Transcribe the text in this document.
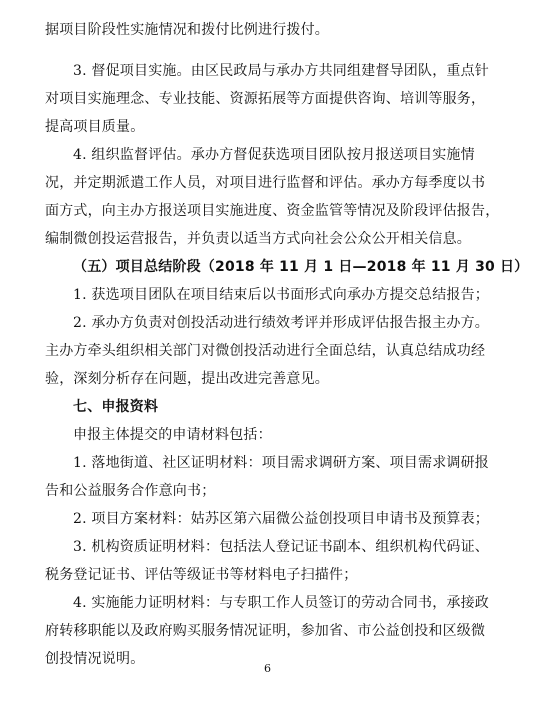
据项目阶段性实施情况和拨付比例进行拨付。
3. 督促项目实施。由区民政局与承办方共同组建督导团队，重点针
对项目实施理念、专业技能、资源拓展等方面提供咨询、培训等服务，
提高项目质量。
4. 组织监督评估。承办方督促获选项目团队按月报送项目实施情
况，并定期派遣工作人员，对项目进行监督和评估。承办方每季度以书
面方式，向主办方报送项目实施进度、资金监管等情况及阶段评估报告，
编制微创投运营报告，并负责以适当方式向社会公众公开相关信息。
（五）项目总结阶段（2018 年 11 月 1 日—2018 年 11 月 30 日）
1. 获选项目团队在项目结束后以书面形式向承办方提交总结报告；
2. 承办方负责对创投活动进行绩效考评并形成评估报告报主办方。
主办方牵头组织相关部门对微创投活动进行全面总结，认真总结成功经
验，深刻分析存在问题，提出改进完善意见。
七、申报资料
申报主体提交的申请材料包括：
1. 落地街道、社区证明材料：项目需求调研方案、项目需求调研报
告和公益服务合作意向书；
2. 项目方案材料：姑苏区第六届微公益创投项目申请书及预算表；
3. 机构资质证明材料：包括法人登记证书副本、组织机构代码证、
税务登记证书、评估等级证书等材料电子扫描件；
4. 实施能力证明材料：与专职工作人员签订的劳动合同书，承接政
府转移职能以及政府购买服务情况证明，参加省、市公益创投和区级微
创投情况说明。
6
